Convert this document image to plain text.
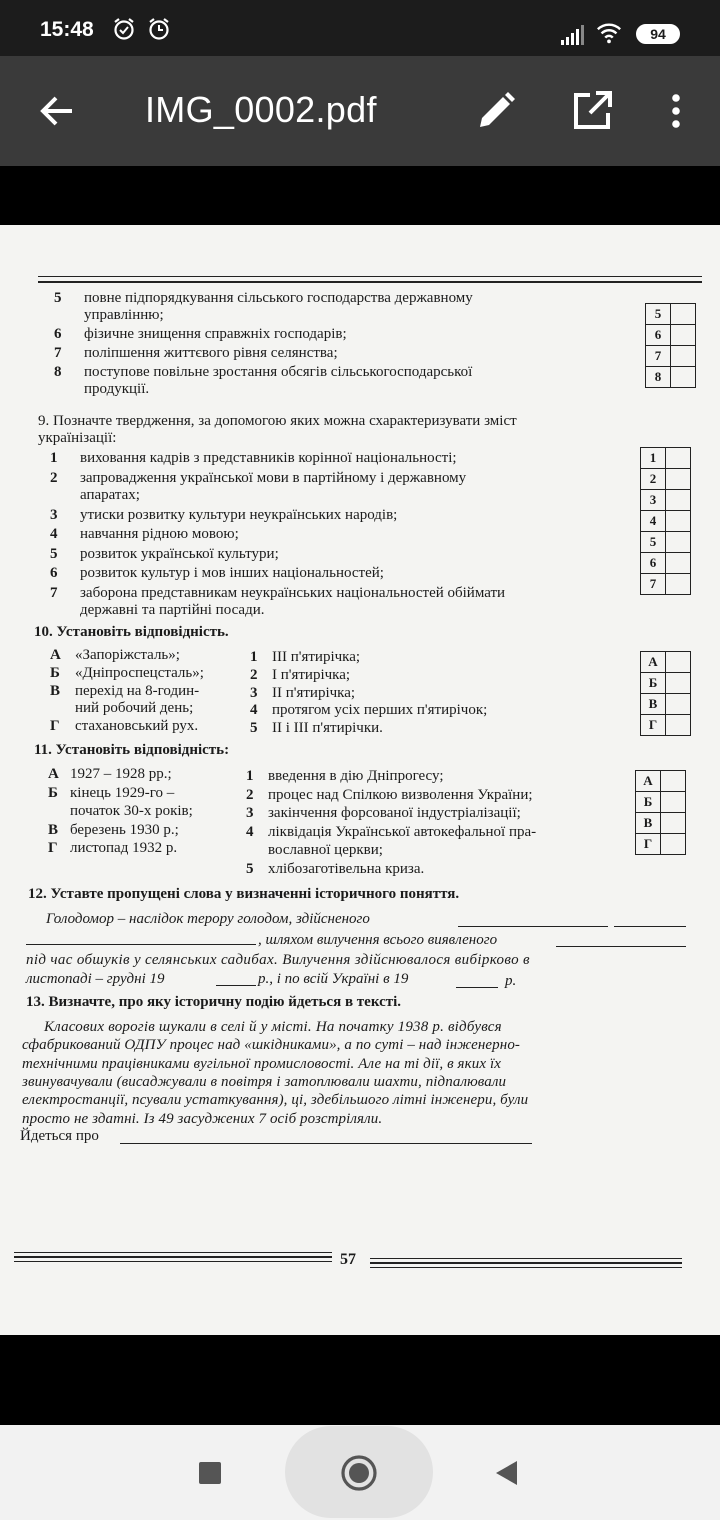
15:48	94
IMG_0002.pdf
5 повне підпорядкування сільського господарства державному
управлінню;
6 фізичне знищення справжніх господарів;
7 поліпшення життєвого рівня селянства;
8 поступове повільне зростання обсягів сільськогосподарської
продукції.
5	
6	
7	
8	
9. Позначте твердження, за допомогою яких можна схарактеризувати зміст
українізації:
1 виховання кадрів з представників корінної національності;
2 запровадження української мови в партійному і державному
апаратах;
3 утиски розвитку культури неукраїнських народів;
4 навчання рідною мовою;
5 розвиток української культури;
6 розвиток культур і мов інших національностей;
7 заборона представникам неукраїнських національностей обіймати
державні та партійні посади.
1	
2	
3	
4	
5	
6	
7	
10. Установіть відповідність.
А «Запоріжсталь»;
Б «Дніпроспецсталь»;
В перехід на 8-годин-
ний робочий день;
Г стахановський рух.
1 III п'ятирічка;
2 I п'ятирічка;
3 II п'ятирічка;
4 протягом усіх перших п'ятирічок;
5 II і III п'ятирічки.
А	
Б	
В	
Г	
11. Установіть відповідність:
А 1927 – 1928 рр.;
Б кінець 1929-го –
початок 30-х років;
В березень 1930 р.;
Г листопад 1932 р.
1 введення в дію Дніпрогесу;
2 процес над Спілкою визволення України;
3 закінчення форсованої індустріалізації;
4 ліквідація Української автокефальної пра-
вославної церкви;
5 хлібозаготівельна криза.
А	
Б	
В	
Г	
12. Уставте пропущені слова у визначенні історичного поняття.
Голодомор – наслідок терору голодом, здійсненого
, шляхом вилучення всього виявленого
під час обшуків у селянських садибах. Вилучення здійснювалося вибірково в
листопаді – грудні 19	р., і по всій Україні в 19	р.
13. Визначте, про яку історичну подію йдеться в тексті.
Класових ворогів шукали в селі й у місті. На початку 1938 р. відбувся
сфабрикований ОДПУ процес над «шкідниками», а по суті – над інженерно-
технічними працівниками вугільної промисловості. Але на ті дії, в яких їх
звинувачували (висаджували в повітря і затоплювали шахти, підпалювали
електростанції, псували устаткування), ці, здебільшого літні інженери, були
просто не здатні. Із 49 засуджених 7 осіб розстріляли.
Йдеться про
57
